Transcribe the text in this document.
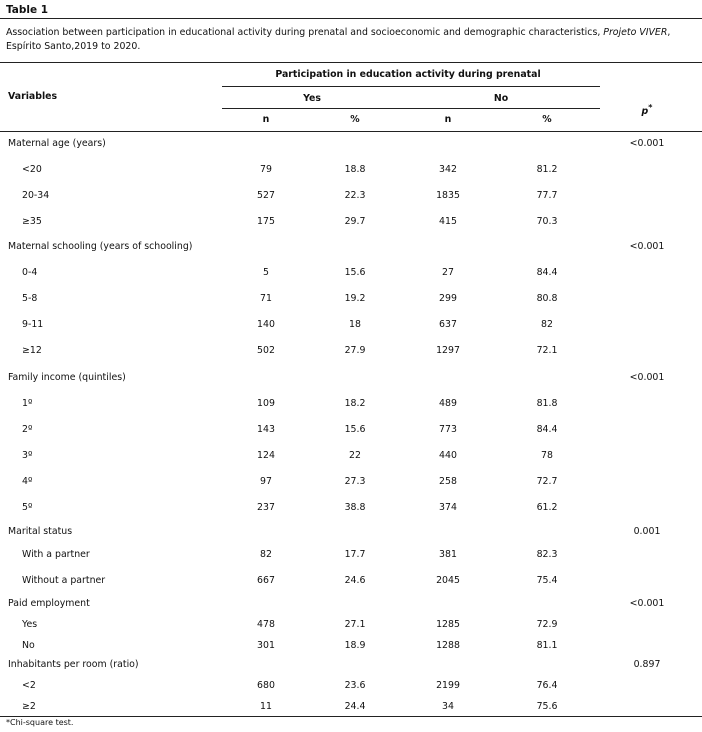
Table 1
Association between participation in educational activity during prenatal and socioeconomic and demographic characteristics, Projeto VIVER, Espírito Santo,2019 to 2020.
Participation in education activity during prenatal
Variables	Yes	No
p*
n	%	n	%
Maternal age (years)	<0.001
<20	79	18.8	342	81.2
20-34	527	22.3	1835	77.7
≥35	175	29.7	415	70.3
Maternal schooling (years of schooling)	<0.001
0-4	5	15.6	27	84.4
5-8	71	19.2	299	80.8
9-11	140	18	637	82
≥12	502	27.9	1297	72.1
Family income (quintiles)	<0.001
1º	109	18.2	489	81.8
2º	143	15.6	773	84.4
3º	124	22	440	78
4º	97	27.3	258	72.7
5º	237	38.8	374	61.2
Marital status	0.001
With a partner	82	17.7	381	82.3
Without a partner	667	24.6	2045	75.4
Paid employment	<0.001
Yes	478	27.1	1285	72.9
No	301	18.9	1288	81.1
Inhabitants per room (ratio)	0.897
<2	680	23.6	2199	76.4
≥2	11	24.4	34	75.6
*Chi-square test.
